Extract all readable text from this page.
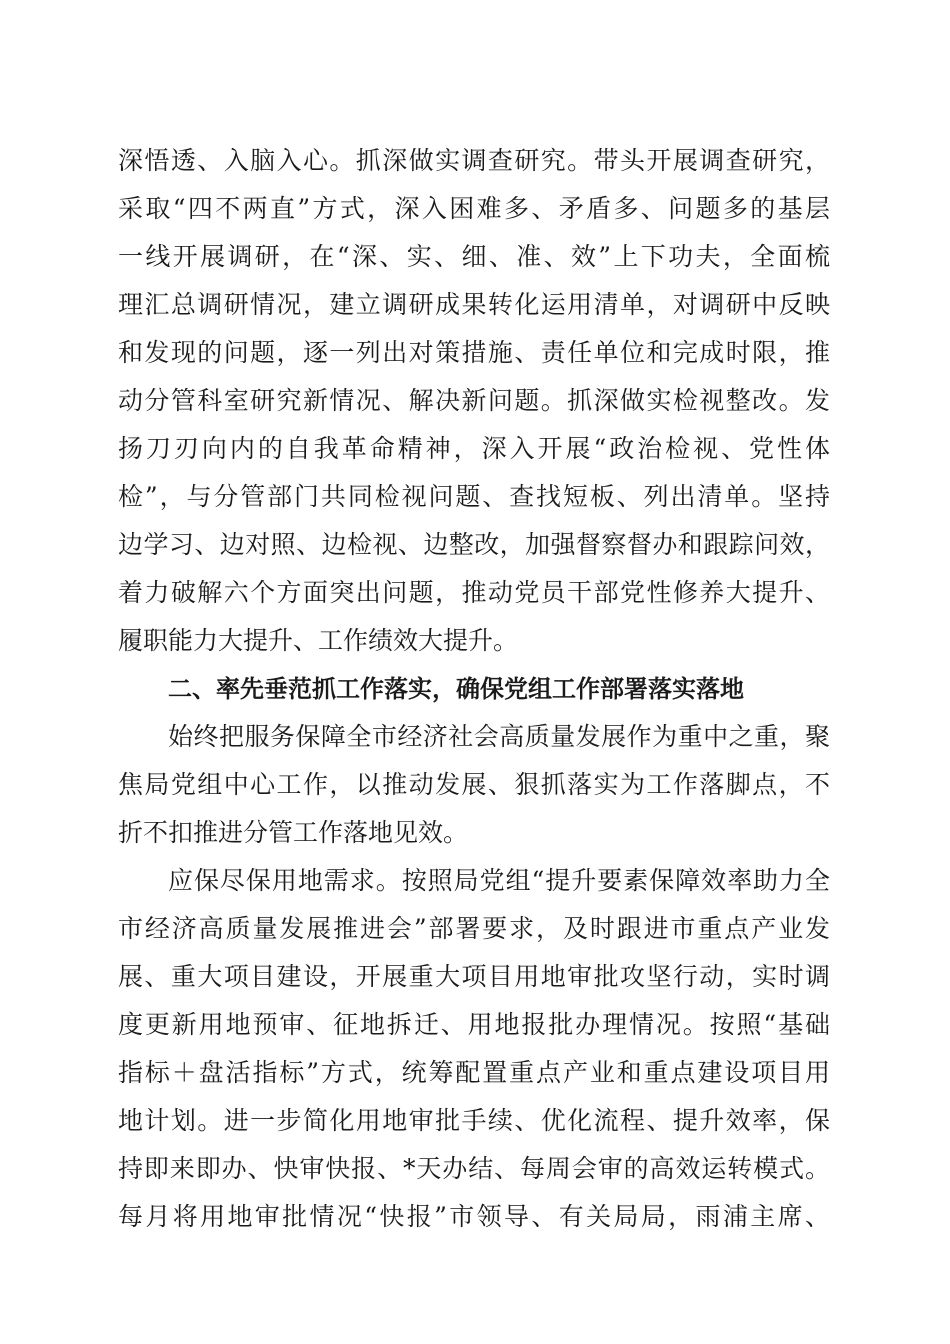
深悟透、入脑入心。抓深做实调查研究。带头开展调查研究，
采取“四不两直”方式，深入困难多、矛盾多、问题多的基层
一线开展调研，在“深、实、细、准、效”上下功夫，全面梳
理汇总调研情况，建立调研成果转化运用清单，对调研中反映
和发现的问题，逐一列出对策措施、责任单位和完成时限，推
动分管科室研究新情况、解决新问题。抓深做实检视整改。发
扬刀刃向内的自我革命精神，深入开展“政治检视、党性体
检”，与分管部门共同检视问题、查找短板、列出清单。坚持
边学习、边对照、边检视、边整改，加强督察督办和跟踪问效，
着力破解六个方面突出问题，推动党员干部党性修养大提升、
履职能力大提升、工作绩效大提升。
二、率先垂范抓工作落实，确保党组工作部署落实落地
始终把服务保障全市经济社会高质量发展作为重中之重，聚
焦局党组中心工作，以推动发展、狠抓落实为工作落脚点，不
折不扣推进分管工作落地见效。
应保尽保用地需求。按照局党组“提升要素保障效率助力全
市经济高质量发展推进会”部署要求，及时跟进市重点产业发
展、重大项目建设，开展重大项目用地审批攻坚行动，实时调
度更新用地预审、征地拆迁、用地报批办理情况。按照“基础
指标＋盘活指标”方式，统筹配置重点产业和重点建设项目用
地计划。进一步简化用地审批手续、优化流程、提升效率，保
持即来即办、快审快报、*天办结、每周会审的高效运转模式。
每月将用地审批情况“快报”市领导、有关局局，雨浦主席、
